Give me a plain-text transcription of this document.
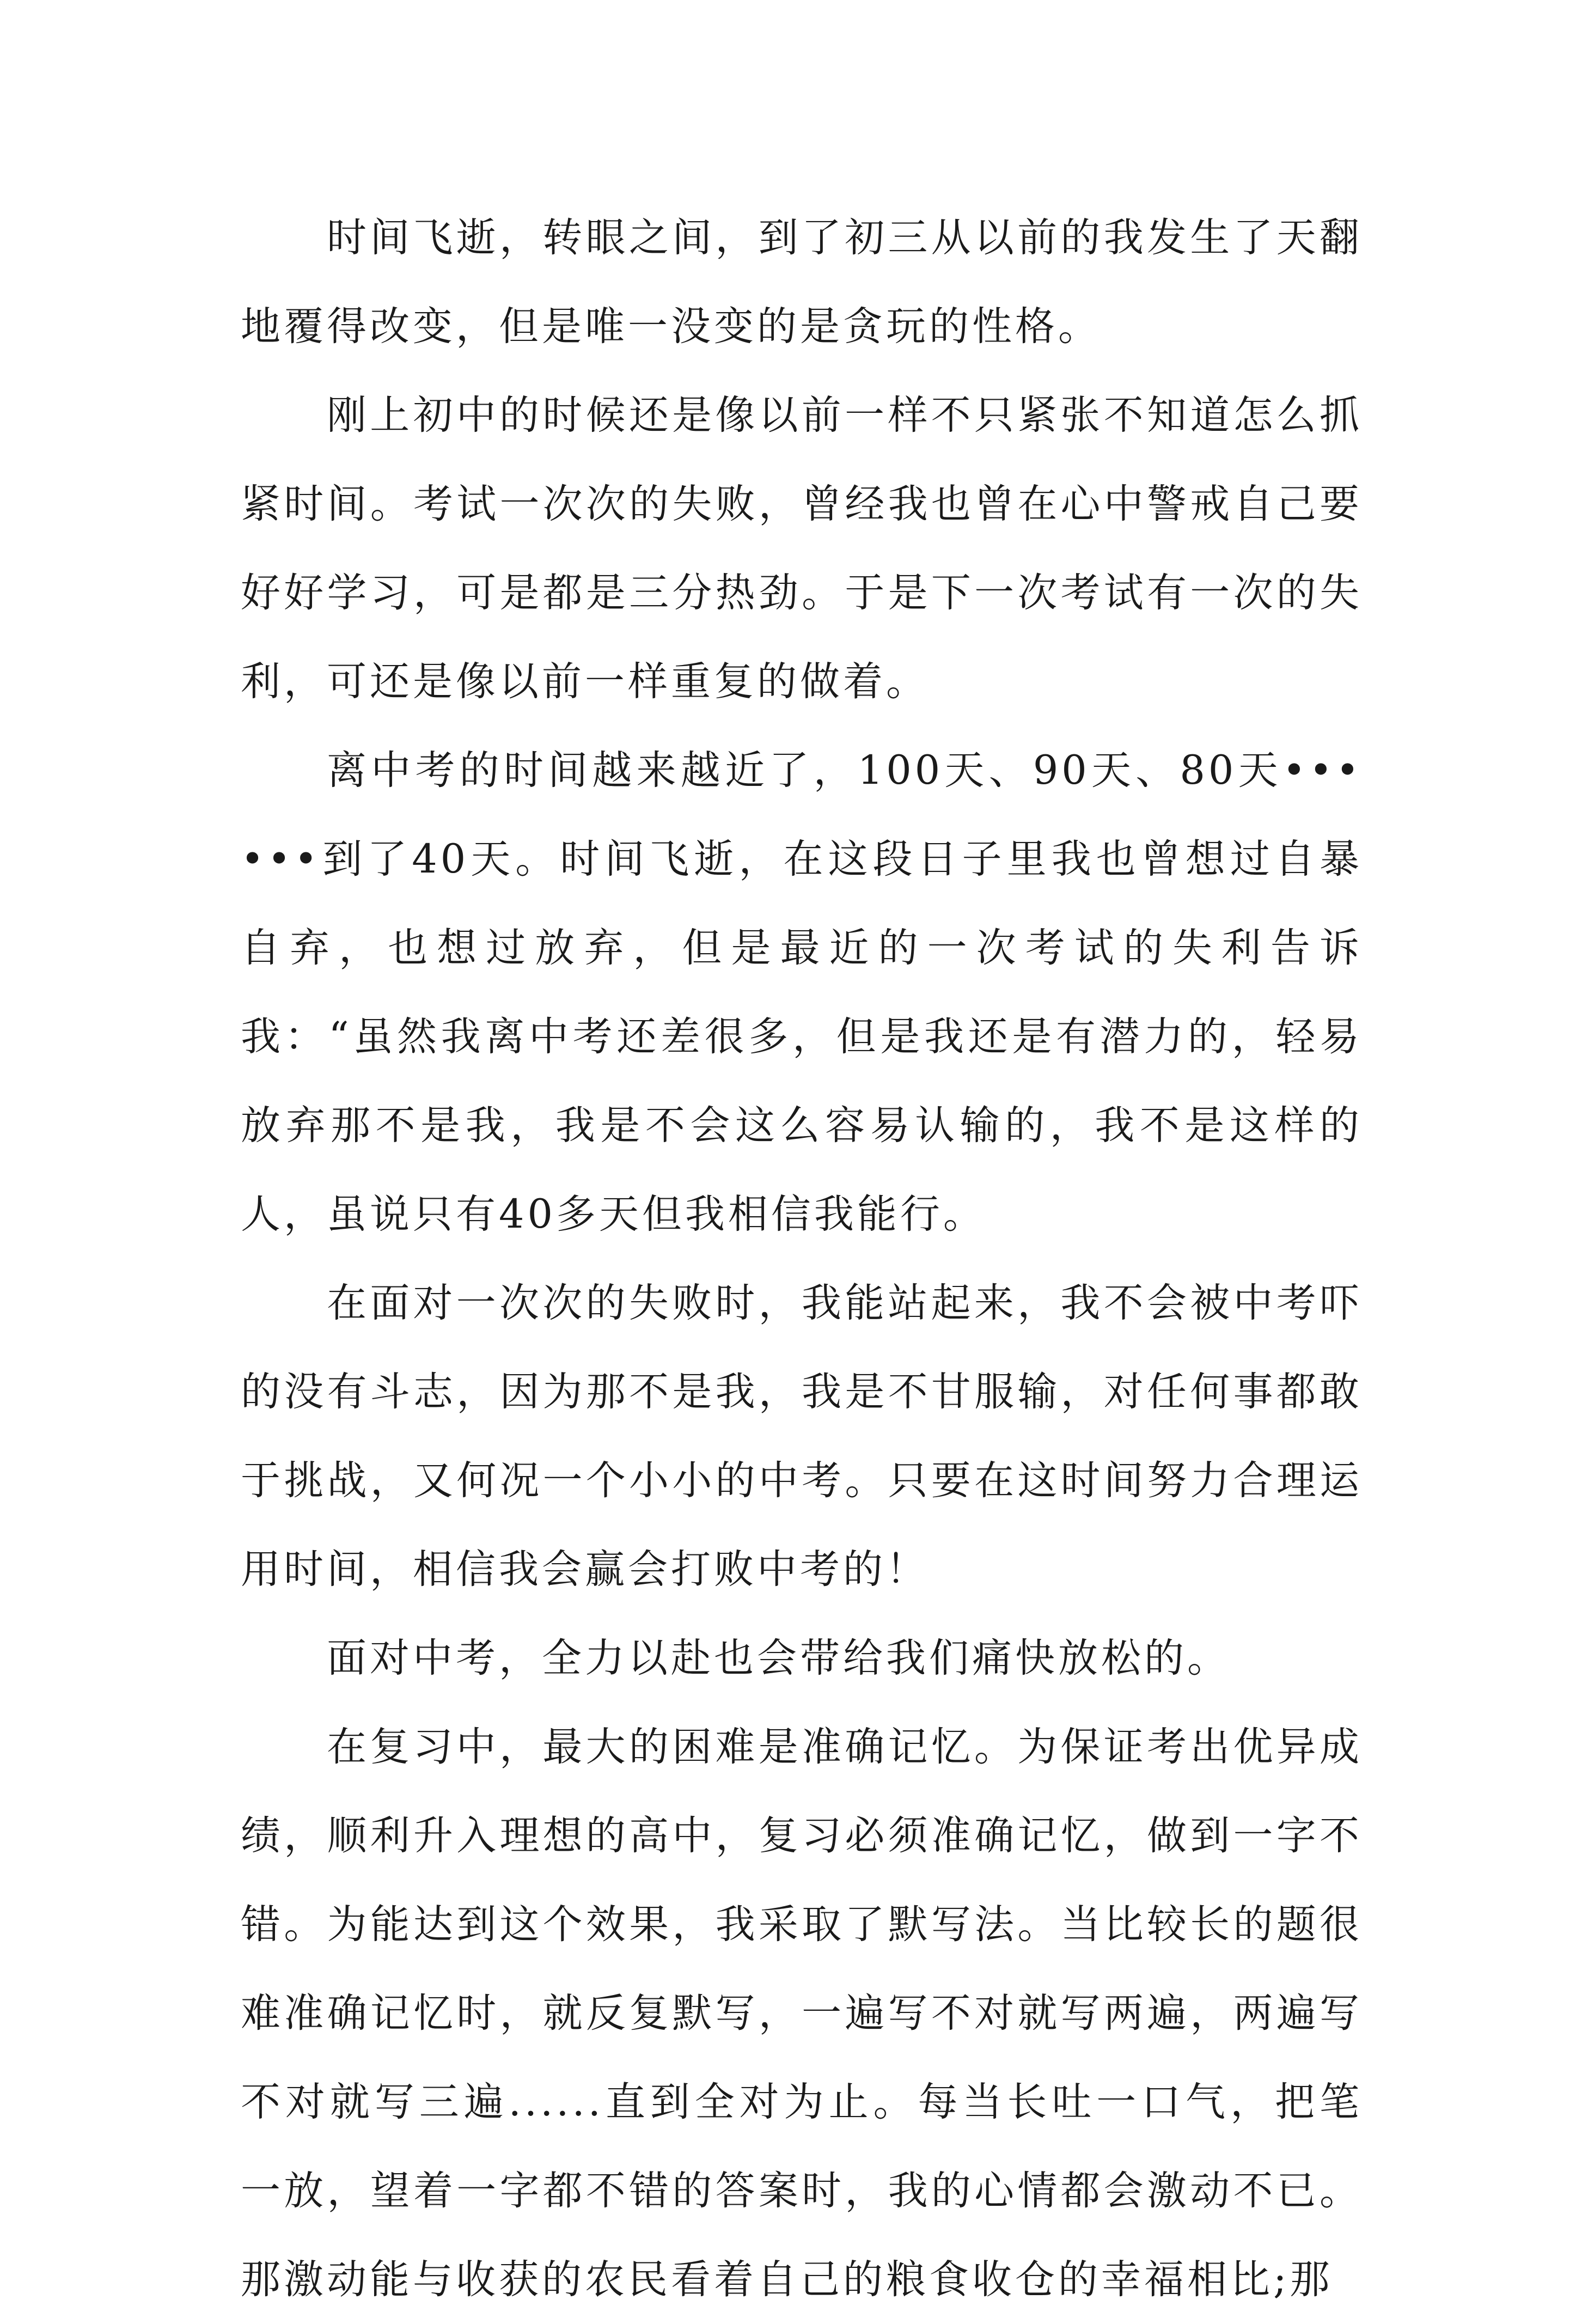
时间飞逝，转眼之间，到了初三从以前的我发生了天翻地覆得改变，但是唯一没变的是贪玩的性格。

刚上初中的时候还是像以前一样不只紧张不知道怎么抓紧时间。考试一次次的失败，曾经我也曾在心中警戒自己要好好学习，可是都是三分热劲。于是下一次考试有一次的失利，可还是像以前一样重复的做着。

离中考的时间越来越近了，100天、90天、80天••••••到了40天。时间飞逝，在这段日子里我也曾想过自暴自弃，也想过放弃，但是最近的一次考试的失利告诉我：“虽然我离中考还差很多，但是我还是有潜力的，轻易放弃那不是我，我是不会这么容易认输的，我不是这样的人，虽说只有40多天但我相信我能行。

在面对一次次的失败时，我能站起来，我不会被中考吓的没有斗志，因为那不是我，我是不甘服输，对任何事都敢于挑战，又何况一个小小的中考。只要在这时间努力合理运用时间，相信我会赢会打败中考的！

面对中考，全力以赴也会带给我们痛快放松的。

在复习中，最大的困难是准确记忆。为保证考出优异成绩，顺利升入理想的高中，复习必须准确记忆，做到一字不错。为能达到这个效果，我采取了默写法。当比较长的题很难准确记忆时，就反复默写，一遍写不对就写两遍，两遍写不对就写三遍......直到全对为止。每当长吐一口气，把笔一放，望着一字都不错的答案时，我的心情都会激动不已。那激动能与收获的农民看着自己的粮食收仓的幸福相比;那
